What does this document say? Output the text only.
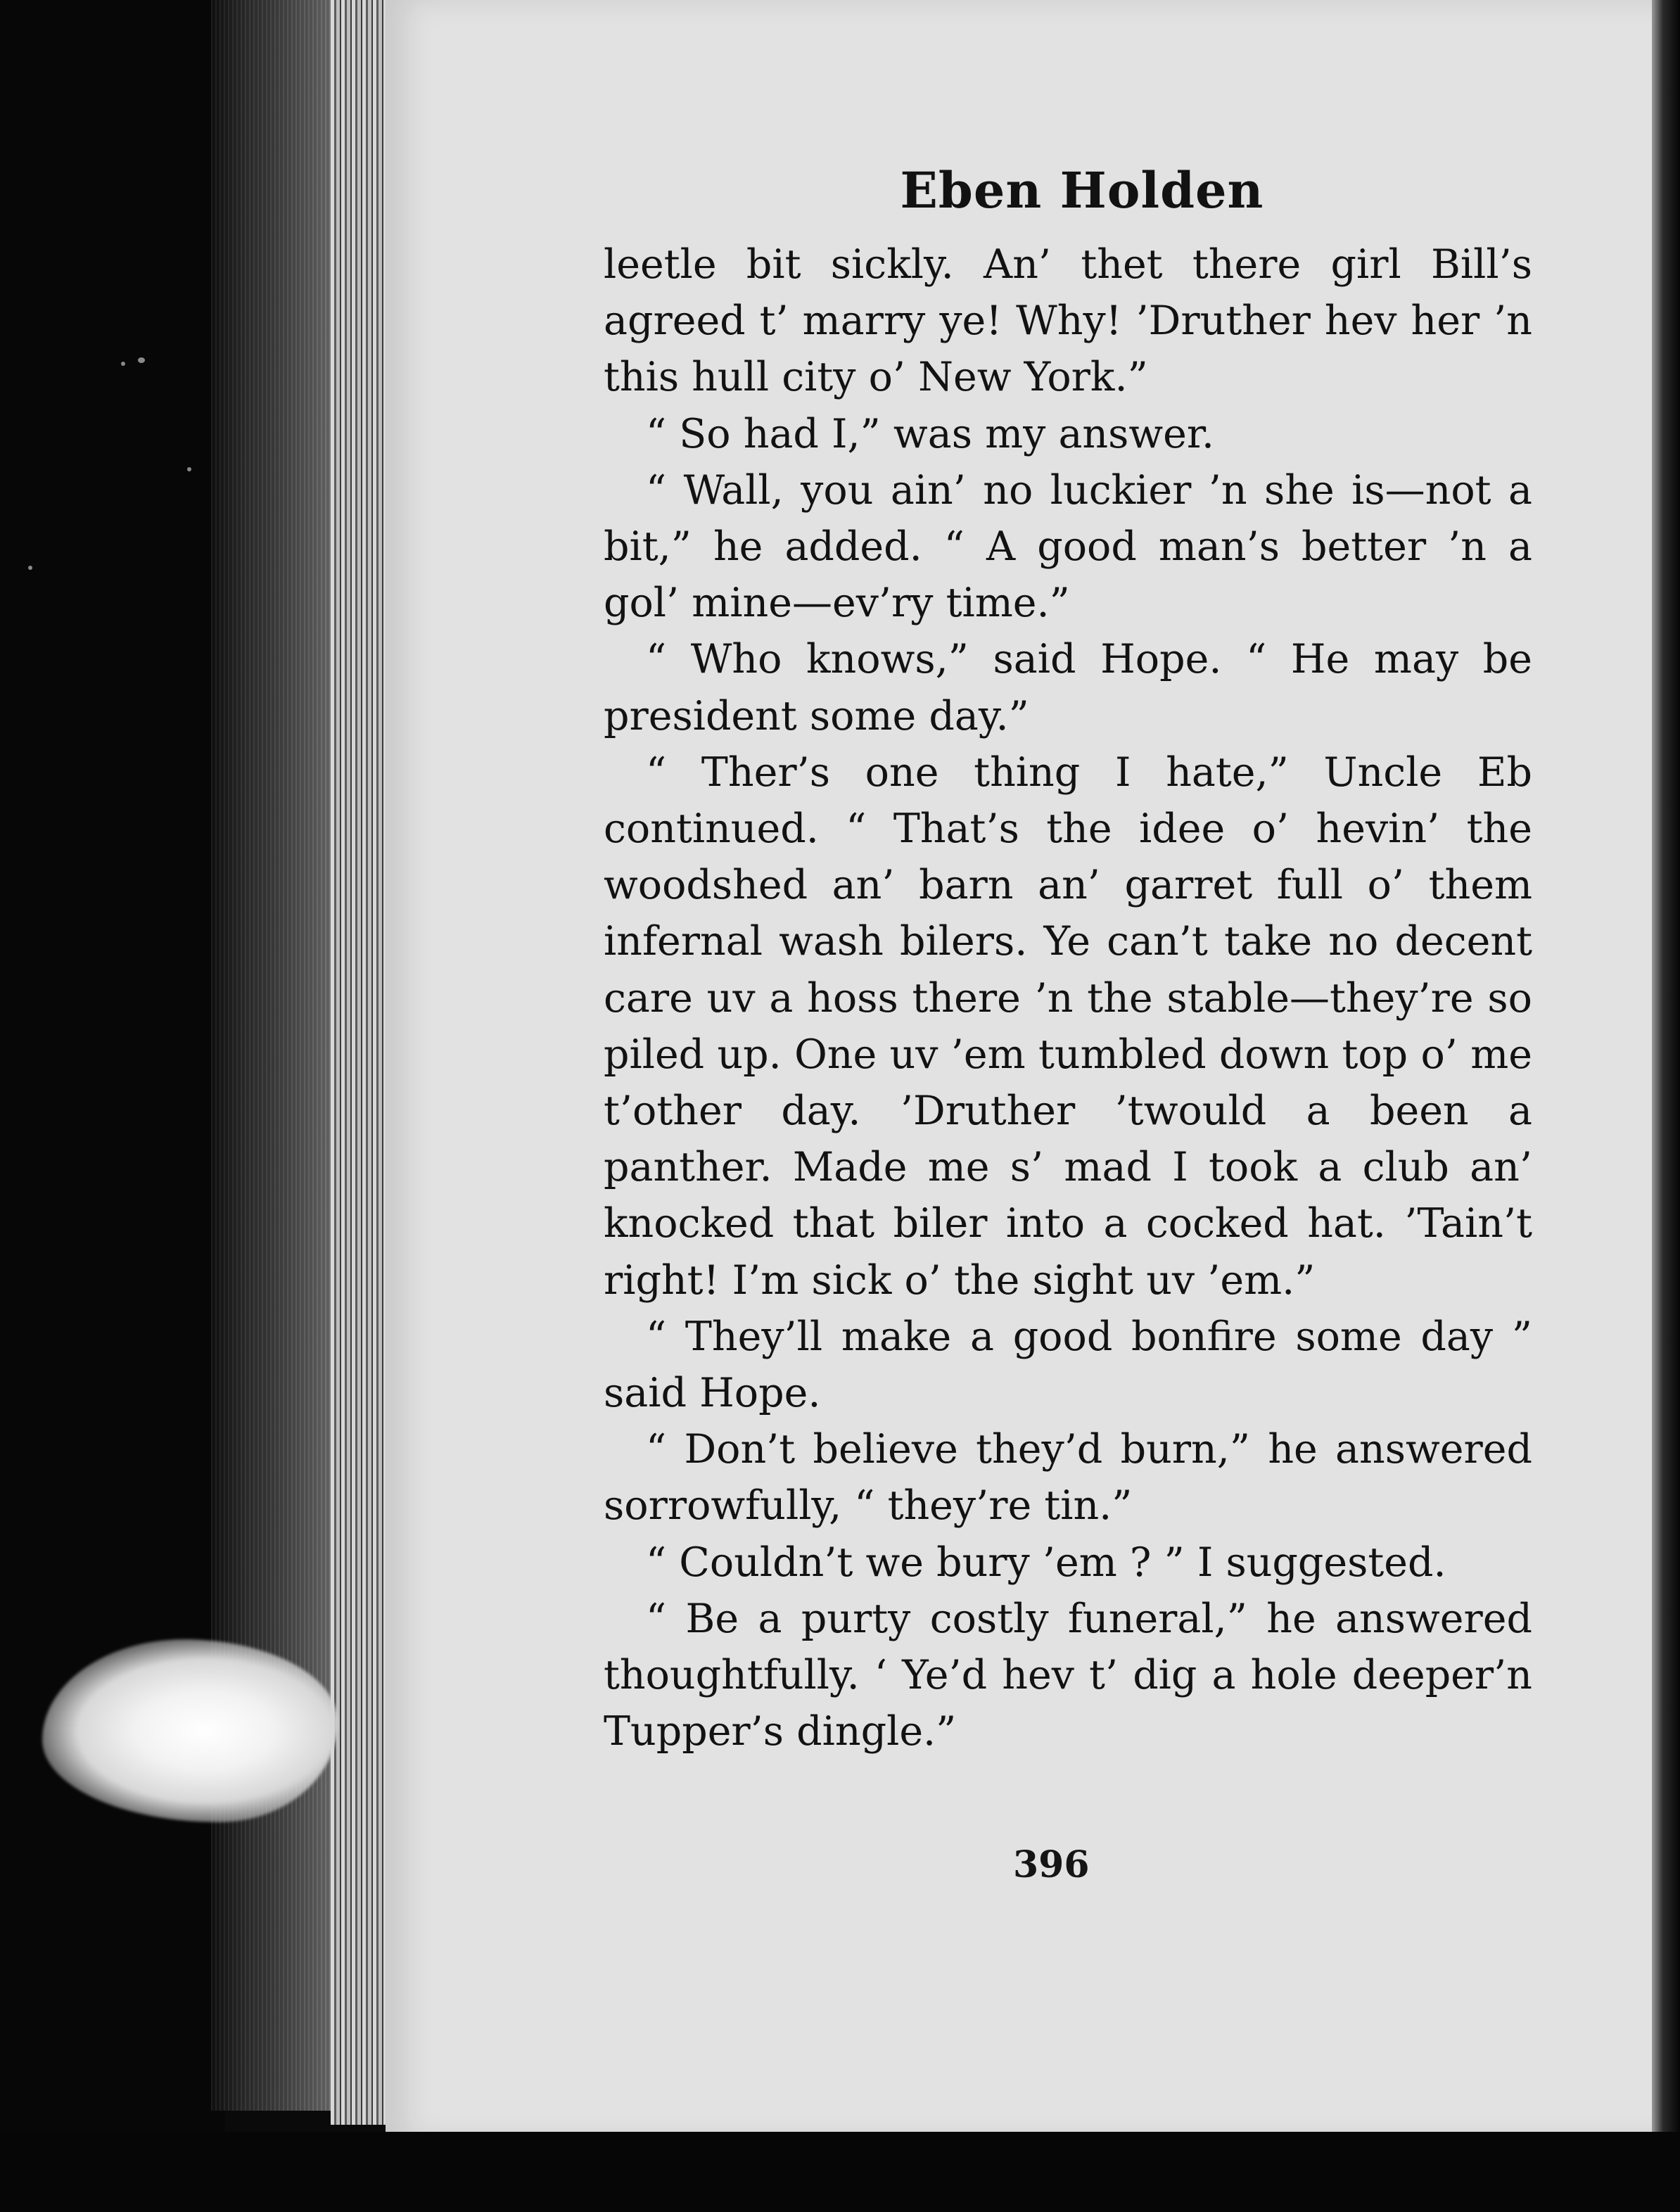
Eben Holden

leetle bit sickly. An’ thet there girl Bill’s agreed t’ marry ye! Why! ’Druther hev her ’n this hull city o’ New York.”

“ So had I,” was my answer.

“ Wall, you ain’ no luckier ’n she is—not a bit,” he added. “ A good man’s better ’n a gol’ mine—ev’ry time.”

“ Who knows,” said Hope. “ He may be president some day.”

“ Ther’s one thing I hate,” Uncle Eb continued. “ That’s the idee o’ hevin’ the woodshed an’ barn an’ garret full o’ them infernal wash bilers. Ye can’t take no decent care uv a hoss there ’n the stable—they’re so piled up. One uv ’em tumbled down top o’ me t’other day. ’Druther ’twould a been a panther. Made me s’ mad I took a club an’ knocked that biler into a cocked hat. ’Tain’t right! I’m sick o’ the sight uv ’em.”

“ They’ll make a good bonfire some day ” said Hope.

“ Don’t believe they’d burn,” he answered sorrowfully, “ they’re tin.”

“ Couldn’t we bury ’em ? ” I suggested.

“ Be a purty costly funeral,” he answered thoughtfully. ‘ Ye’d hev t’ dig a hole deeper’n Tupper’s dingle.”

396
